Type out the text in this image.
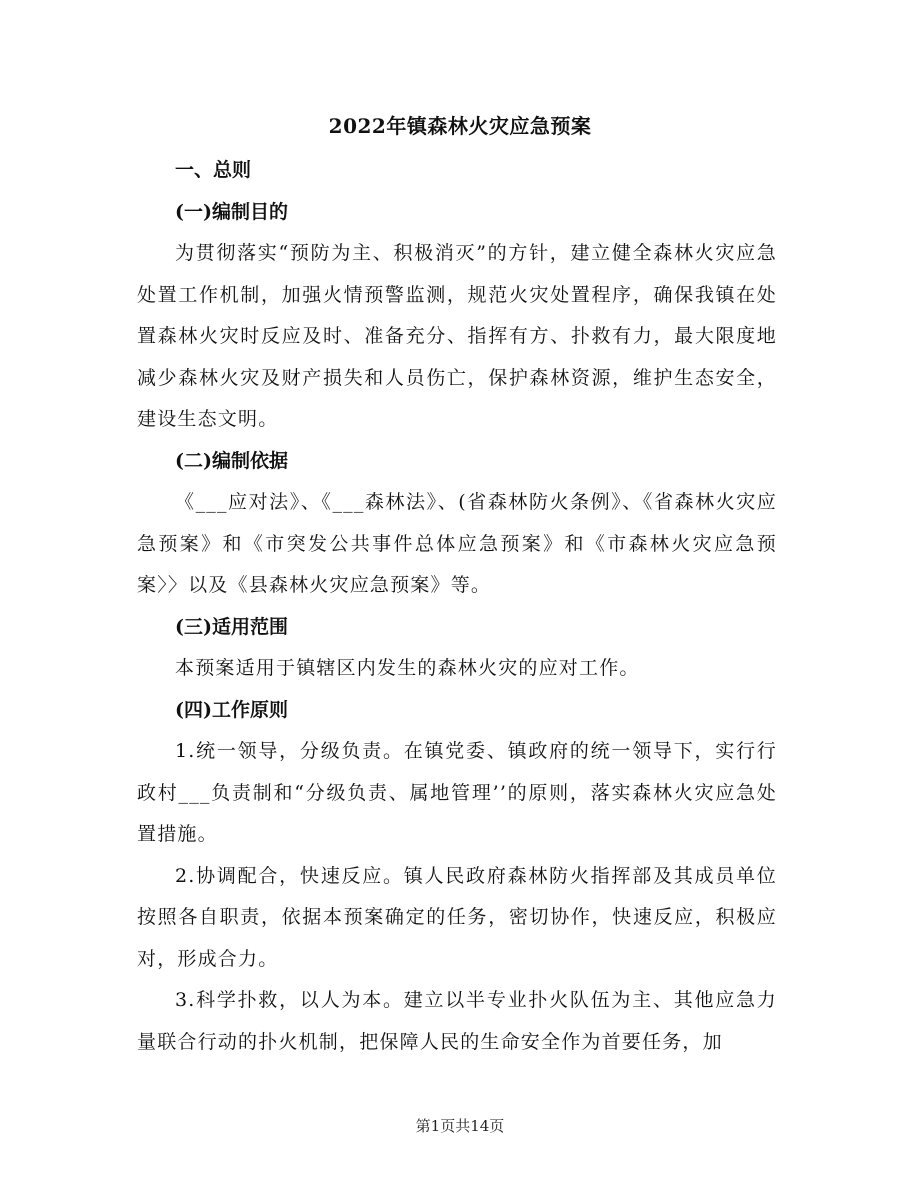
2022年镇森林火灾应急预案

一、总则

(一)编制目的

为贯彻落实“预防为主、积极消灭”的方针，建立健全森林火灾应急处置工作机制，加强火情预警监测，规范火灾处置程序，确保我镇在处置森林火灾时反应及时、准备充分、指挥有方、扑救有力，最大限度地减少森林火灾及财产损失和人员伤亡，保护森林资源，维护生态安全，建设生态文明。

(二)编制依据

《___应对法》、《___森林法》、(省森林防火条例》、《省森林火灾应急预案》和《市突发公共事件总体应急预案》和《市森林火灾应急预案〉〉以及《县森林火灾应急预案》等。

(三)适用范围

本预案适用于镇辖区内发生的森林火灾的应对工作。

(四)工作原则

1.统一领导，分级负责。在镇党委、镇政府的统一领导下，实行行政村___负责制和“分级负责、属地管理’’的原则，落实森林火灾应急处置措施。

2.协调配合，快速反应。镇人民政府森林防火指挥部及其成员单位按照各自职责，依据本预案确定的任务，密切协作，快速反应，积极应对，形成合力。

3.科学扑救，以人为本。建立以半专业扑火队伍为主、其他应急力量联合行动的扑火机制，把保障人民的生命安全作为首要任务，加

第1页共14页
